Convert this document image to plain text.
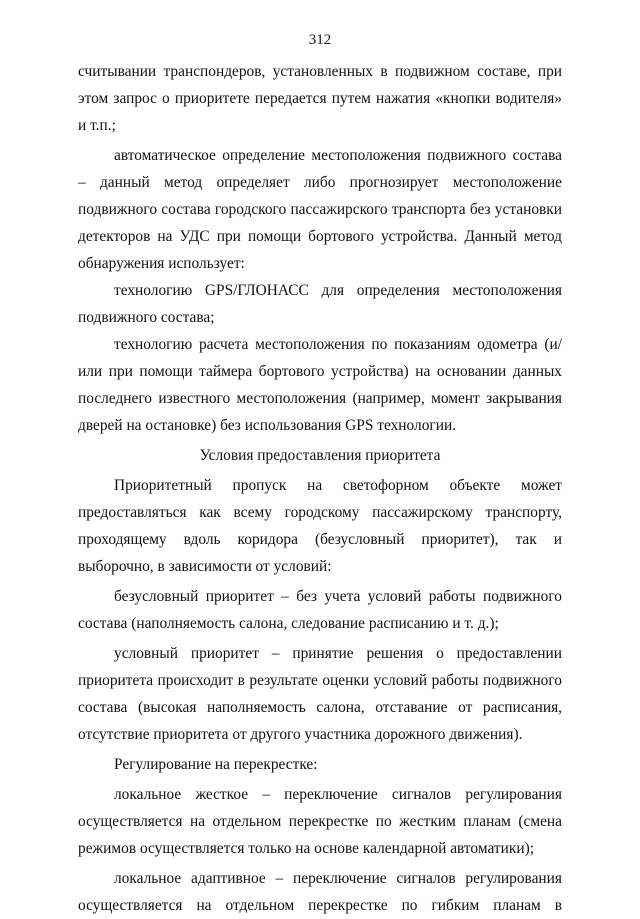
312

считывании транспондеров, установленных в подвижном составе, при этом запрос о приоритете передается путем нажатия «кнопки водителя» и т.п.;

автоматическое определение местоположения подвижного состава – данный метод определяет либо прогнозирует местоположение подвижного состава городского пассажирского транспорта без установки детекторов на УДС при помощи бортового устройства. Данный метод обнаружения использует:

технологию GPS/ГЛОНАСС для определения местоположения подвижного состава;

технологию расчета местоположения по показаниям одометра (и/или при помощи таймера бортового устройства) на основании данных последнего известного местоположения (например, момент закрывания дверей на остановке) без использования GPS технологии.

Условия предоставления приоритета

Приоритетный пропуск на светофорном объекте может предоставляться как всему городскому пассажирскому транспорту, проходящему вдоль коридора (безусловный приоритет), так и выборочно, в зависимости от условий:

безусловный приоритет – без учета условий работы подвижного состава (наполняемость салона, следование расписанию и т. д.);

условный приоритет – принятие решения о предоставлении приоритета происходит в результате оценки условий работы подвижного состава (высокая наполняемость салона, отставание от расписания, отсутствие приоритета от другого участника дорожного движения).

Регулирование на перекрестке:

локальное жесткое – переключение сигналов регулирования осуществляется на отдельном перекрестке по жестким планам (смена режимов осуществляется только на основе календарной автоматики);

локальное адаптивное – переключение сигналов регулирования осуществляется на отдельном перекрестке по гибким планам в
